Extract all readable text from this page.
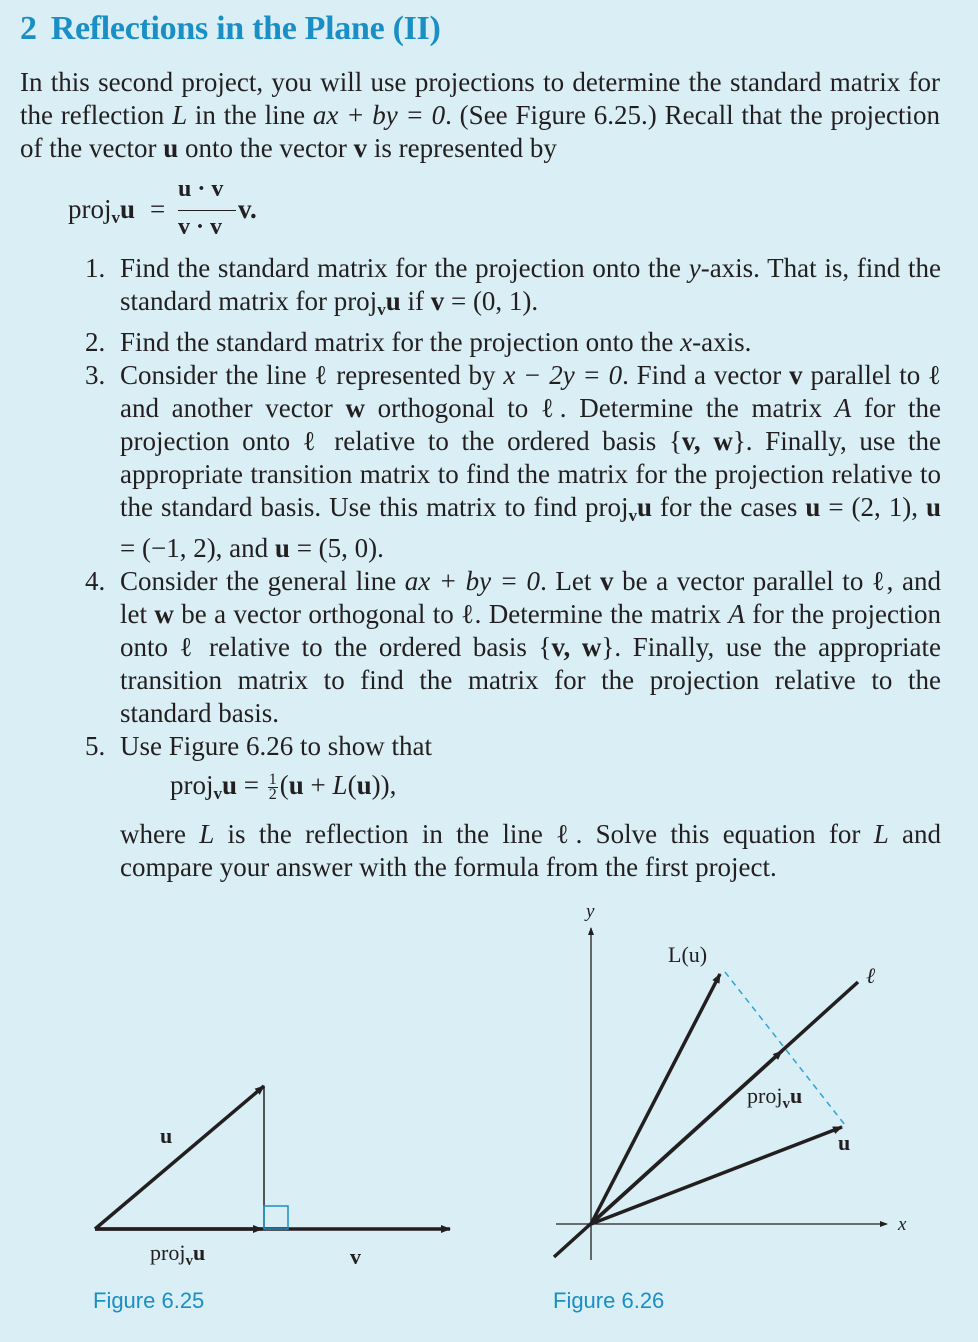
2 Reflections in the Plane (II)

In this second project, you will use projections to determine the standard matrix for the reflection L in the line ax + by = 0. (See Figure 6.25.) Recall that the projection of the vector u onto the vector v is represented by

proj$_v$u =
u · v
v · v
v.
1. Find the standard matrix for the projection onto the y-axis. That is, find the standard matrix for proj$_v$u if v = (0, 1).
2. Find the standard matrix for the projection onto the x-axis.
3. Consider the line ℓ represented by x − 2y = 0. Find a vector v parallel to ℓ and another vector w orthogonal to ℓ. Determine the matrix A for the projection onto ℓ relative to the ordered basis {v, w}. Finally, use the appropriate transition matrix to find the matrix for the projection relative to the standard basis. Use this matrix to find proj$_v$u for the cases u = (2, 1), u = (−1, 2), and u = (5, 0).
4. Consider the general line ax + by = 0. Let v be a vector parallel to ℓ, and let w be a vector orthogonal to ℓ. Determine the matrix A for the projection onto ℓ relative to the ordered basis {v, w}. Finally, use the appropriate transition matrix to find the matrix for the projection relative to the standard basis.
5. Use Figure 6.26 to show that
proj$_v$u = $\frac{1}{2} (u + L(u))$,
where L is the reflection in the line ℓ. Solve this equation for L and compare your answer with the formula from the first project.
u
proj$_v$u	v
Figure 6.25
y
x
L(u)
ℓ
proj$_v$u
u
Figure 6.26
